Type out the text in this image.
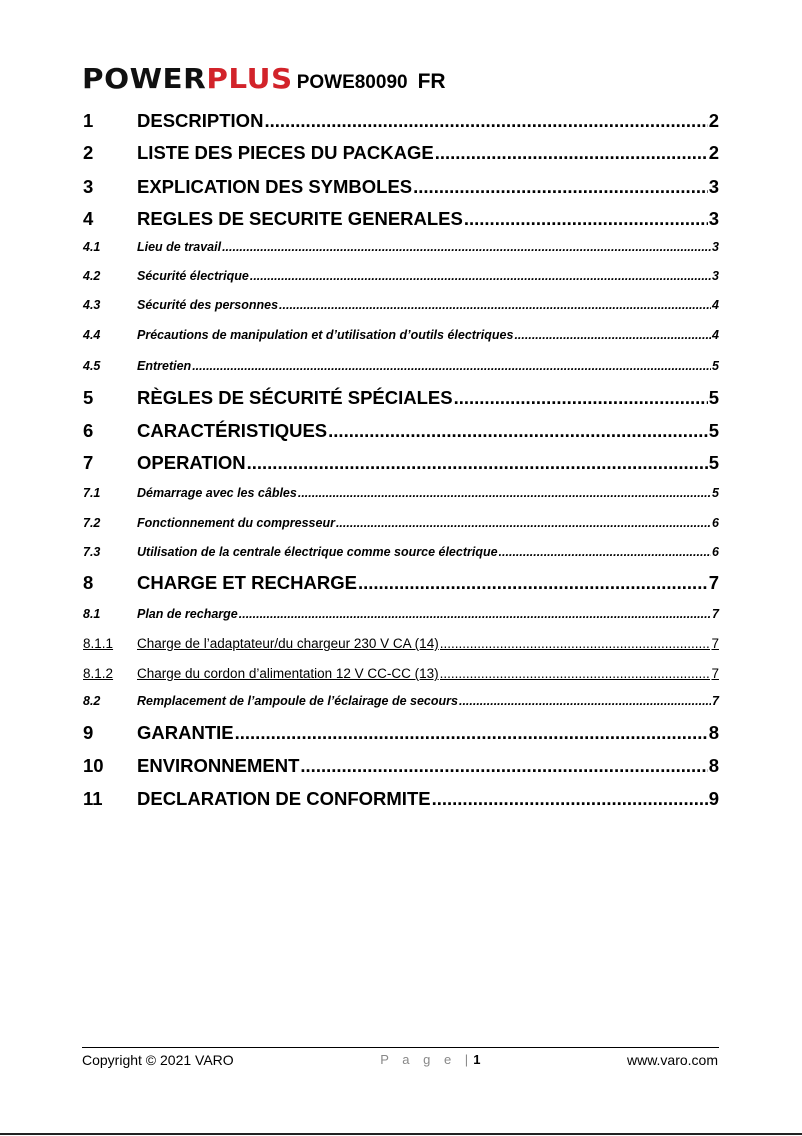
POWERPLUS POWE80090 FR
1	DESCRIPTION .....	2
2	LISTE DES PIECES DU PACKAGE .....	2
3	EXPLICATION DES SYMBOLES .....	3
4	REGLES DE SECURITE GENERALES .....	3
4.1	Lieu de travail .....	3
4.2	Sécurité électrique .....	3
4.3	Sécurité des personnes .....	4
4.4	Précautions de manipulation et d’utilisation d’outils électriques .....	4
4.5	Entretien .....	5
5	RÈGLES DE SÉCURITÉ SPÉCIALES .....	5
6	CARACTÉRISTIQUES .....	5
7	OPERATION .....	5
7.1	Démarrage avec les câbles .....	5
7.2	Fonctionnement du compresseur .....	6
7.3	Utilisation de la centrale électrique comme source électrique .....	6
8	CHARGE ET RECHARGE .....	7
8.1	Plan de recharge .....	7
8.1.1	Charge de l’adaptateur/du chargeur 230 V CA (14) .....	7
8.1.2	Charge du cordon d’alimentation 12 V CC-CC (13) .....	7
8.2	Remplacement de l’ampoule de l’éclairage de secours .....	7
9	GARANTIE .....	8
10	ENVIRONNEMENT .....	8
11	DECLARATION DE CONFORMITE .....	9
Copyright © 2021 VARO	P a g e |1	www.varo.com
